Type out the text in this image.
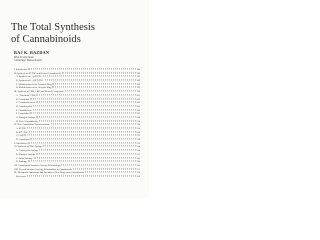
The Total Synthesis
of Cannabinoids
RAJ K. RAZDAN
SISA Incorporated
Cambridge, Massachusetts
I. Introduction	186
II. Synthesis of Δ¹-THC and Related Cannabinoids	186
A. Synthesis of (±)-Δ¹-THC	187
B. Synthesis of (±)-Δ¹⁽⁶⁾-THC	189
C. Modifications in the Aromatic Ring	190
D. Modifications in the Alicyclic Ring	193
III. Synthesis of CBN, CBD, and Related Compounds	199
A. "Abnormal" CBD	201
B. Cannabinol	202
C. Cannabichromene	203
D. Cannabicyclol	205
E. Cannabielsoin	206
F. Cannabidiol	207
G. Nitrogen Analogs	208
H. Novel Cannabinoids	210
IV. New Cannabinoid Transformations	214
A. Δ¹-THC	214
B. Δ¹⁽⁶⁾-THC	220
C. CBD	223
D. Cannabinol	228
V. Metabolites	233
VI. Synthesis of THC Analogs	234
A. Carbocyclic Analogs	234
B. Nitrogen Analogs	237
C. Sulfur Analogs	241
D. Prodrugs	244
VII. Cannabinoid Structure-Activity Relationships	245
VIII. Overall Structure-Activity Relationships in Cannabinoids	255
IX. Therapeutic Indications and Potential of New Drugs from Cannabinoids	256
References	256
